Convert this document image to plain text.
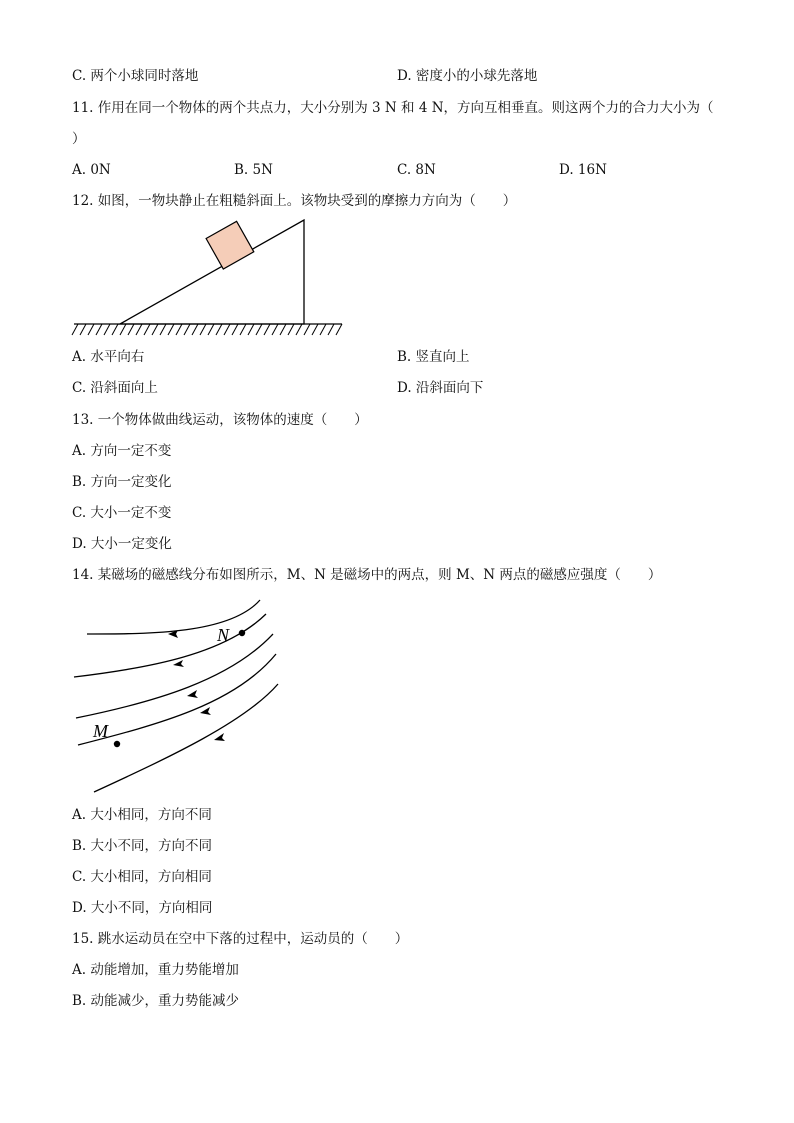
C. 两个小球同时落地	D. 密度小的小球先落地
11. 作用在同一个物体的两个共点力，大小分别为 3 N 和 4 N，方向互相垂直。则这两个力的合力大小为（
）
A. 0N	B. 5N	C. 8N	D. 16N
12. 如图，一物块静止在粗糙斜面上。该物块受到的摩擦力方向为（　　）
A. 水平向右	B. 竖直向上
C. 沿斜面向上	D. 沿斜面向下
13. 一个物体做曲线运动，该物体的速度（　　）
A. 方向一定不变
B. 方向一定变化
C. 大小一定不变
D. 大小一定变化
14. 某磁场的磁感线分布如图所示，M、N 是磁场中的两点，则 M、N 两点的磁感应强度（　　）
N
M
A. 大小相同，方向不同
B. 大小不同，方向不同
C. 大小相同，方向相同
D. 大小不同，方向相同
15. 跳水运动员在空中下落的过程中，运动员的（　　）
A. 动能增加，重力势能增加
B. 动能减少，重力势能减少
